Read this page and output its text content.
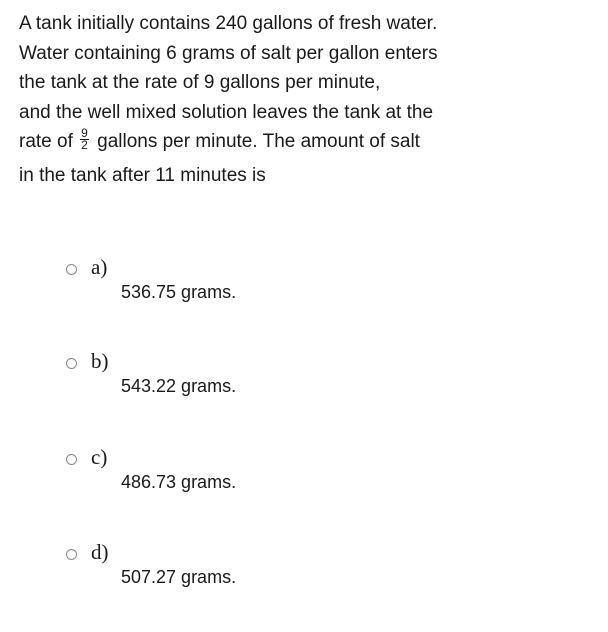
A tank initially contains 240 gallons of fresh water.
Water containing 6 grams of salt per gallon enters
the tank at the rate of 9 gallons per minute,
and the well mixed solution leaves the tank at the
rate of $\frac{9}{2}$ gallons per minute. The amount of salt
in the tank after 11 minutes is
a)
536.75 grams.
b)
543.22 grams.
c)
486.73 grams.
d)
507.27 grams.
